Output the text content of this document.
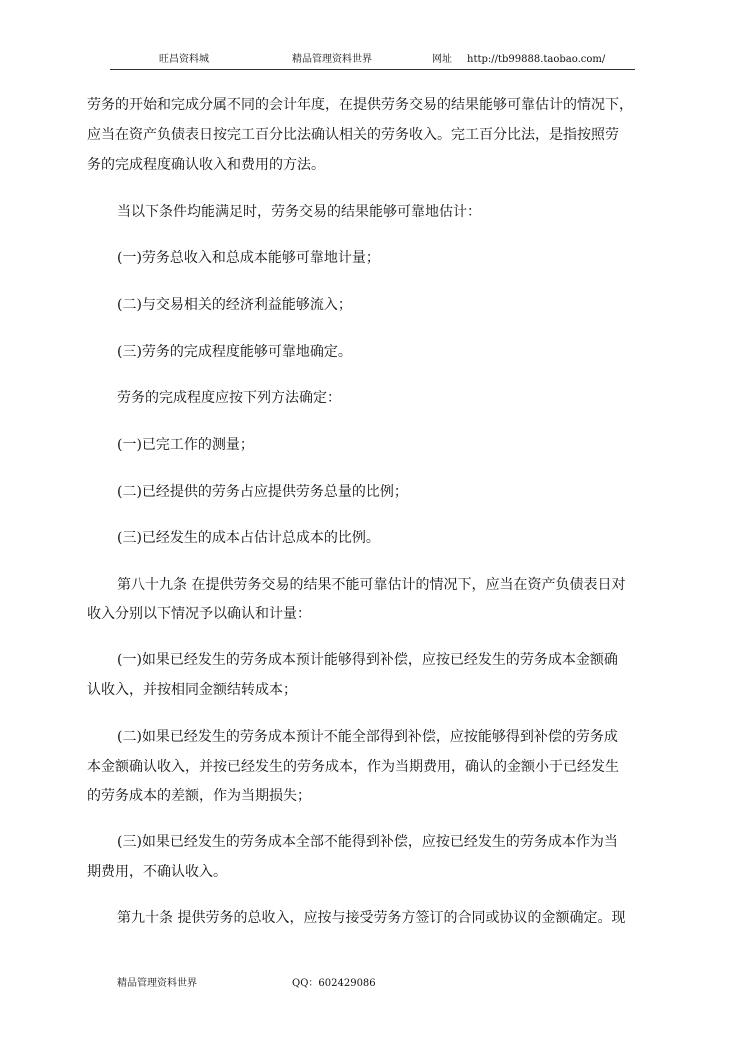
旺昌资料城	精品管理资料世界	网址 http://tb99888.taobao.com/
劳务的开始和完成分属不同的会计年度，在提供劳务交易的结果能够可靠估计的情况下，
应当在资产负债表日按完工百分比法确认相关的劳务收入。完工百分比法，是指按照劳
务的完成程度确认收入和费用的方法。
当以下条件均能满足时，劳务交易的结果能够可靠地估计：
(一)劳务总收入和总成本能够可靠地计量；
(二)与交易相关的经济利益能够流入；
(三)劳务的完成程度能够可靠地确定。
劳务的完成程度应按下列方法确定：
(一)已完工作的测量；
(二)已经提供的劳务占应提供劳务总量的比例；
(三)已经发生的成本占估计总成本的比例。
第八十九条 在提供劳务交易的结果不能可靠估计的情况下，应当在资产负债表日对
收入分别以下情况予以确认和计量：
(一)如果已经发生的劳务成本预计能够得到补偿，应按已经发生的劳务成本金额确
认收入，并按相同金额结转成本；
(二)如果已经发生的劳务成本预计不能全部得到补偿，应按能够得到补偿的劳务成
本金额确认收入，并按已经发生的劳务成本，作为当期费用，确认的金额小于已经发生
的劳务成本的差额，作为当期损失；
(三)如果已经发生的劳务成本全部不能得到补偿，应按已经发生的劳务成本作为当
期费用，不确认收入。
第九十条 提供劳务的总收入，应按与接受劳务方签订的合同或协议的金额确定。现
精品管理资料世界	QQ：602429086
